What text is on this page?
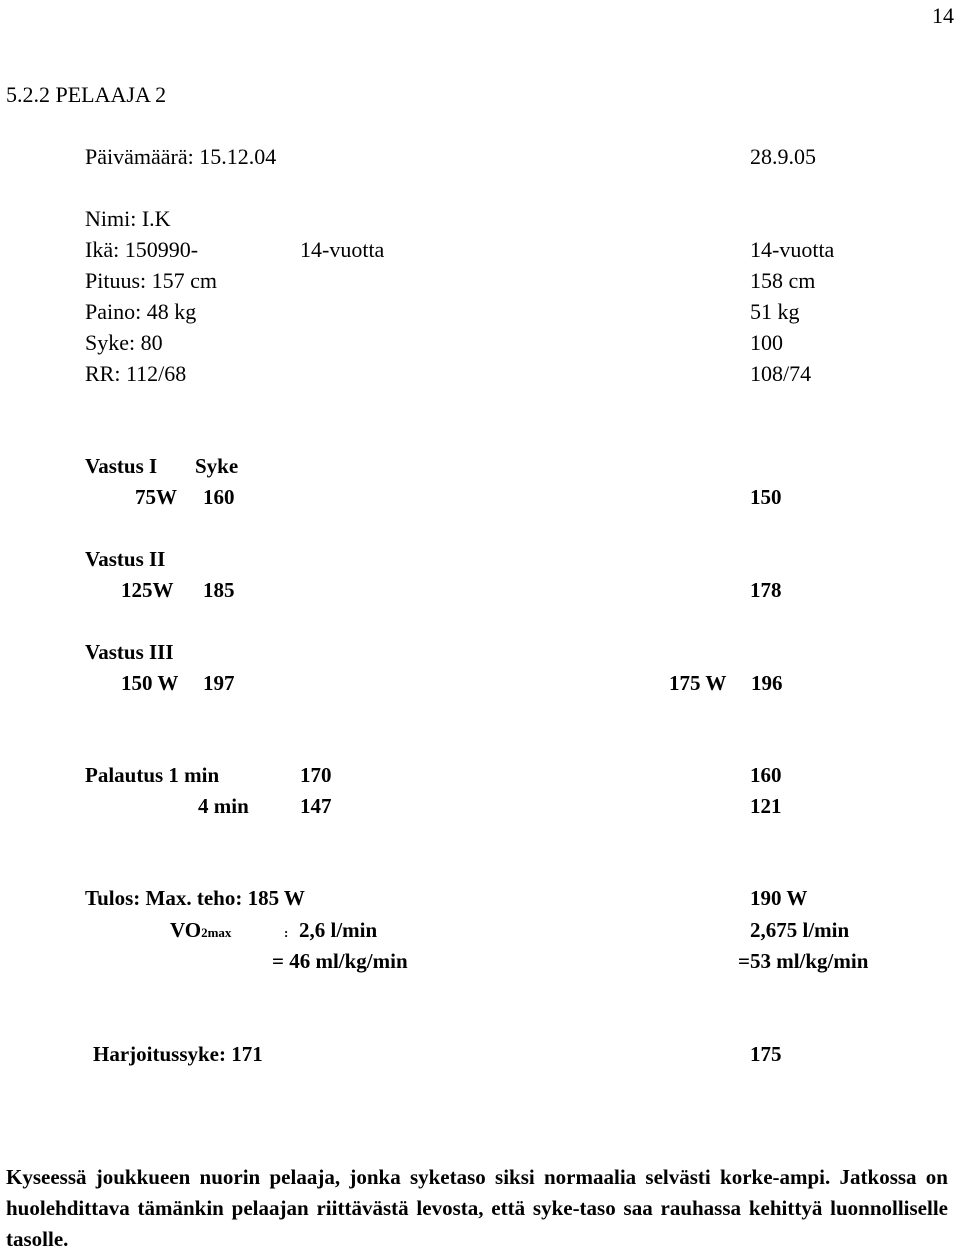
14
5.2.2 PELAAJA 2
Päivämäärä: 15.12.04	28.9.05
Nimi: I.K
Ikä: 150990-	14-vuotta	14-vuotta
Pituus: 157 cm	158 cm
Paino: 48 kg	51 kg
Syke: 80	100
RR: 112/68	108/74
Vastus I Syke
75W 160	150
Vastus II
125W 185	178
Vastus III
150 W 197	175 W 196
Palautus 1 min	170	160
4 min 147	121
Tulos: Max. teho: 185 W	190 W
VO2max	: 2,6 l/min	2,675 l/min
= 46 ml/kg/min	=53 ml/kg/min
Harjoitussyke: 171	175
Kyseessä joukkueen nuorin pelaaja, jonka syketaso siksi normaalia selvästi korke-ampi. Jatkossa on huolehdittava tämänkin pelaajan riittävästä levosta, että syke-taso saa rauhassa kehittyä luonnolliselle tasolle.
